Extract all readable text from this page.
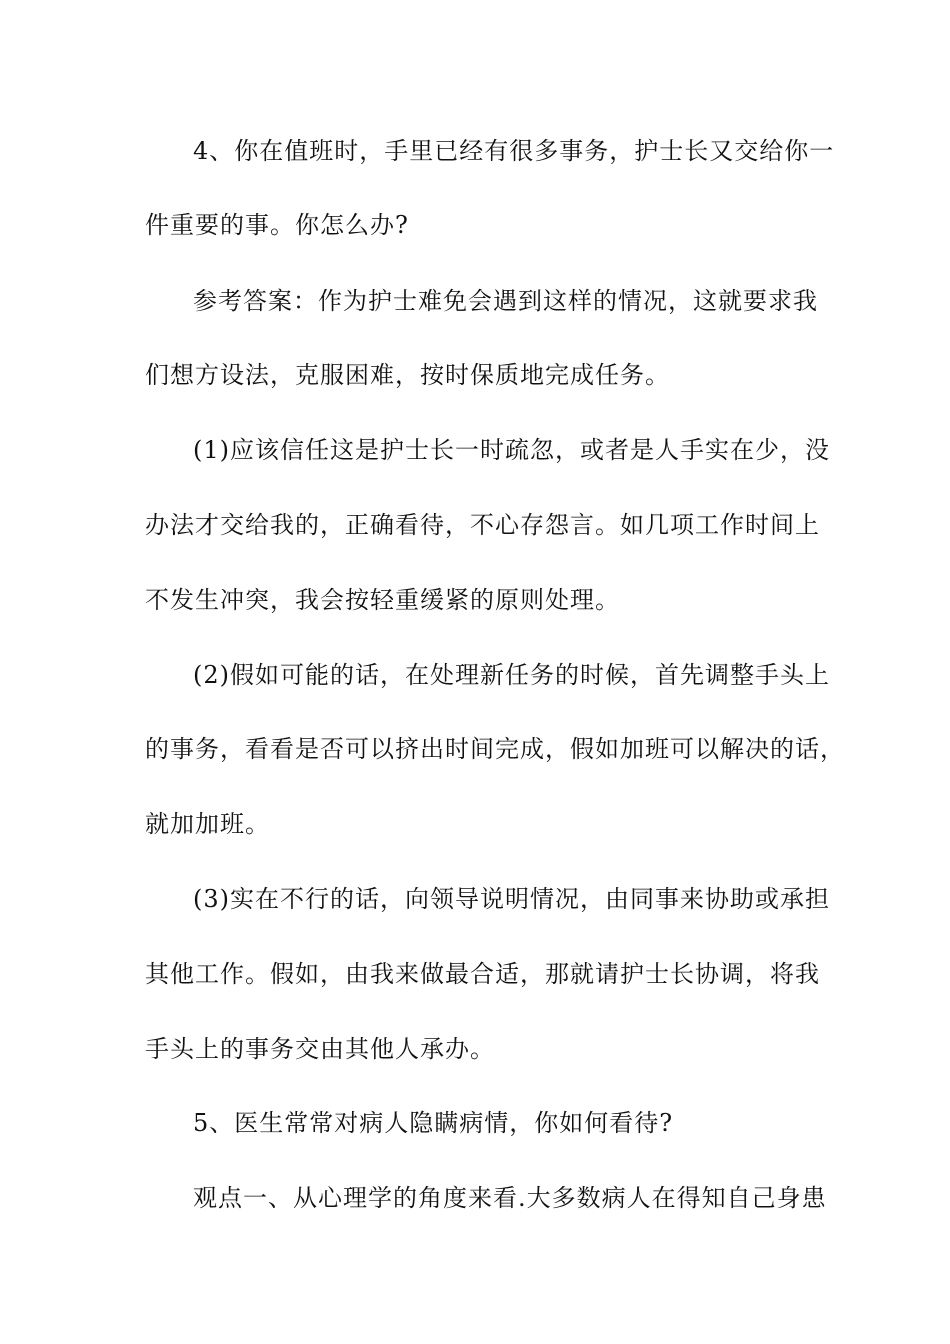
4、你在值班时，手里已经有很多事务，护士长又交给你一
件重要的事。你怎么办?
参考答案：作为护士难免会遇到这样的情况，这就要求我
们想方设法，克服困难，按时保质地完成任务。
(1)应该信任这是护士长一时疏忽，或者是人手实在少，没
办法才交给我的，正确看待，不心存怨言。如几项工作时间上
不发生冲突，我会按轻重缓紧的原则处理。
(2)假如可能的话，在处理新任务的时候，首先调整手头上
的事务，看看是否可以挤出时间完成，假如加班可以解决的话，
就加加班。
(3)实在不行的话，向领导说明情况，由同事来协助或承担
其他工作。假如，由我来做最合适，那就请护士长协调，将我
手头上的事务交由其他人承办。
5、医生常常对病人隐瞒病情，你如何看待?
观点一、从心理学的角度来看.大多数病人在得知自己身患
